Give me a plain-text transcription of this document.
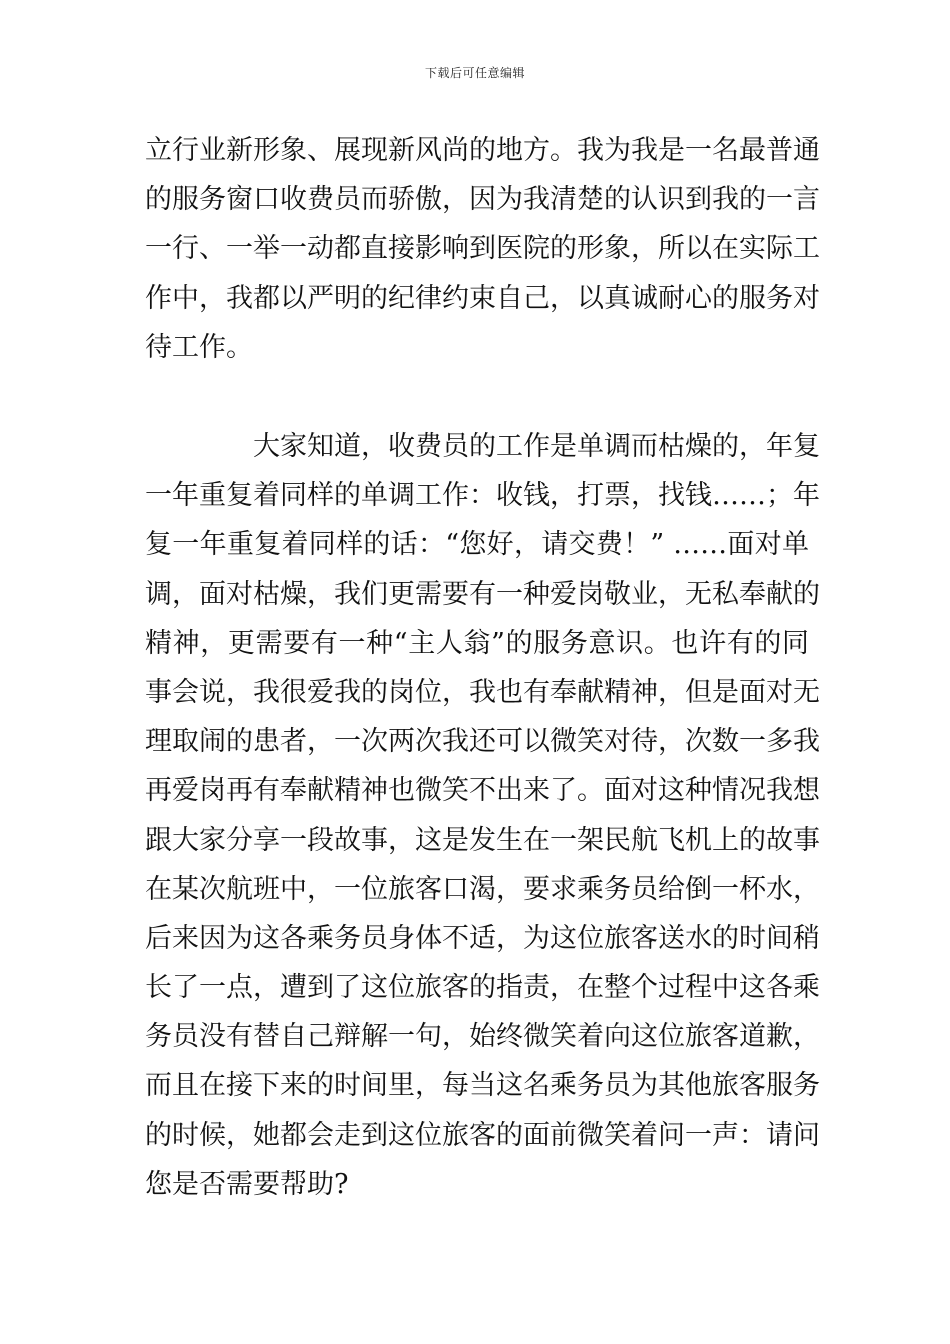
下载后可任意编辑
立行业新形象、展现新风尚的地方。我为我是一名最普通
的服务窗口收费员而骄傲，因为我清楚的认识到我的一言
一行、一举一动都直接影响到医院的形象，所以在实际工
作中，我都以严明的纪律约束自己，以真诚耐心的服务对
待工作。
大家知道，收费员的工作是单调而枯燥的，年复
一年重复着同样的单调工作：收钱，打票，找钱……；年
复一年重复着同样的话：“您好，请交费！” ……面对单
调，面对枯燥，我们更需要有一种爱岗敬业，无私奉献的
精神，更需要有一种“主人翁”的服务意识。也许有的同
事会说，我很爱我的岗位，我也有奉献精神，但是面对无
理取闹的患者，一次两次我还可以微笑对待，次数一多我
再爱岗再有奉献精神也微笑不出来了。面对这种情况我想
跟大家分享一段故事，这是发生在一架民航飞机上的故事
在某次航班中，一位旅客口渴，要求乘务员给倒一杯水，
后来因为这各乘务员身体不适，为这位旅客送水的时间稍
长了一点，遭到了这位旅客的指责，在整个过程中这各乘
务员没有替自己辩解一句，始终微笑着向这位旅客道歉，
而且在接下来的时间里，每当这名乘务员为其他旅客服务
的时候，她都会走到这位旅客的面前微笑着问一声：请问
您是否需要帮助?
